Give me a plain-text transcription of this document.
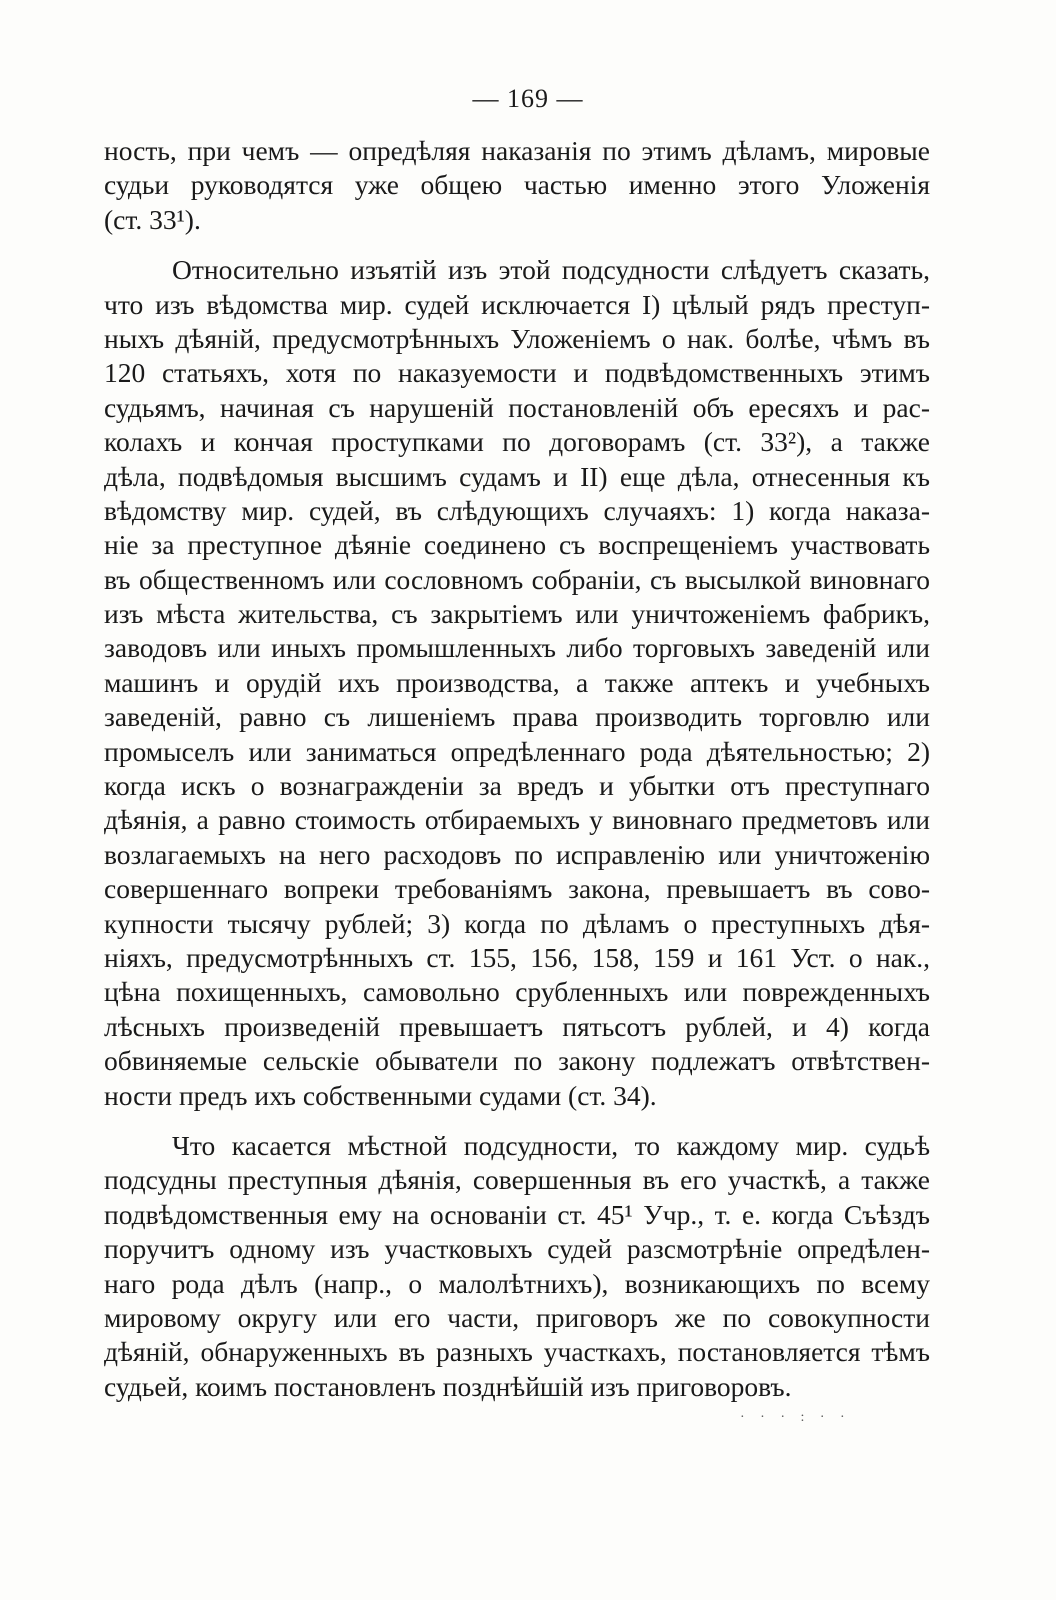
— 169 —
ность, при чемъ — опредѣляя наказанія по этимъ дѣламъ, мировые
судьи руководятся уже общею частью именно этого Уложенія
(ст. 33¹).
Относительно изъятій изъ этой подсудности слѣдуетъ сказать,
что изъ вѣдомства мир. судей исключается I) цѣлый рядъ преступ-
ныхъ дѣяній, предусмотрѣнныхъ Уложеніемъ о нак. болѣе, чѣмъ въ
120 статьяхъ, хотя по наказуемости и подвѣдомственныхъ этимъ
судьямъ, начиная съ нарушеній постановленій объ ересяхъ и рас-
колахъ и кончая проступками по договорамъ (ст. 33²), а также
дѣла, подвѣдомыя высшимъ судамъ и II) еще дѣла, отнесенныя къ
вѣдомству мир. судей, въ слѣдующихъ случаяхъ: 1) когда наказа-
ніе за преступное дѣяніе соединено съ воспрещеніемъ участвовать
въ общественномъ или сословномъ собраніи, съ высылкой виновнаго
изъ мѣста жительства, съ закрытіемъ или уничтоженіемъ фабрикъ,
заводовъ или иныхъ промышленныхъ либо торговыхъ заведеній или
машинъ и орудій ихъ производства, а также аптекъ и учебныхъ
заведеній, равно съ лишеніемъ права производить торговлю или
промыселъ или заниматься опредѣленнаго рода дѣятельностью; 2)
когда искъ о вознагражденіи за вредъ и убытки отъ преступнаго
дѣянія, а равно стоимость отбираемыхъ у виновнаго предметовъ или
возлагаемыхъ на него расходовъ по исправленію или уничтоженію
совершеннаго вопреки требованіямъ закона, превышаетъ въ сово-
купности тысячу рублей; 3) когда по дѣламъ о преступныхъ дѣя-
ніяхъ, предусмотрѣнныхъ ст. 155, 156, 158, 159 и 161 Уст. о нак.,
цѣна похищенныхъ, самовольно срубленныхъ или поврежденныхъ
лѣсныхъ произведеній превышаетъ пятьсотъ рублей, и 4) когда
обвиняемые сельскіе обыватели по закону подлежатъ отвѣтствен-
ности предъ ихъ собственными судами (ст. 34).
Что касается мѣстной подсудности, то каждому мир. судьѣ
подсудны преступныя дѣянія, совершенныя въ его участкѣ, а также
подвѣдомственныя ему на основаніи ст. 45¹ Учр., т. е. когда Съѣздъ
поручитъ одному изъ участковыхъ судей разсмотрѣніе опредѣлен-
наго рода дѣлъ (напр., о малолѣтнихъ), возникающихъ по всему
мировому округу или его части, приговоръ же по совокупности
дѣяній, обнаруженныхъ въ разныхъ участкахъ, постановляется тѣмъ
судьей, коимъ постановленъ позднѣйшій изъ приговоровъ.
· · · : · ·
